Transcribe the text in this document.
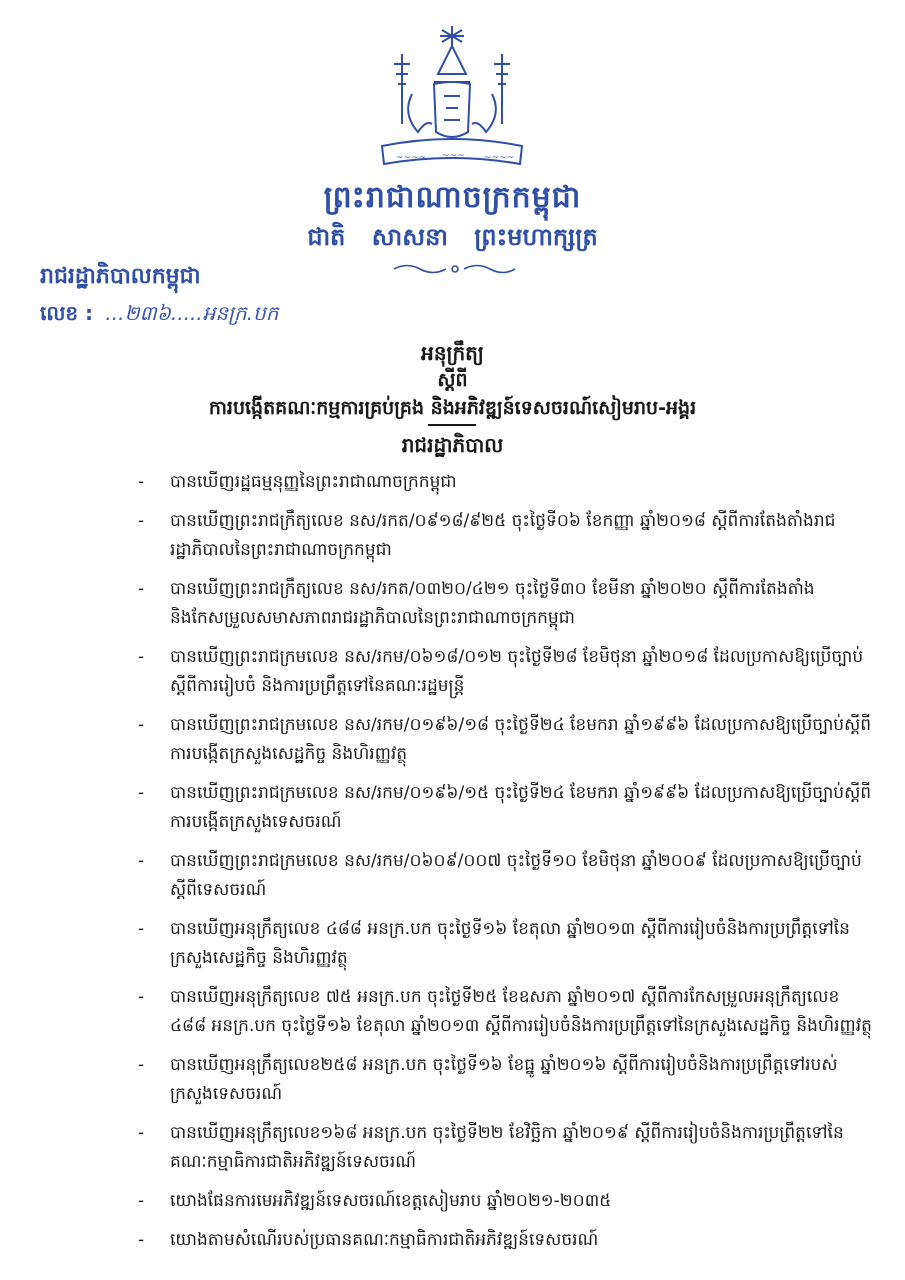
~~~~ ~~~ ~~~~
ព្រះរាជាណាចក្រកម្ពុជា
ជាតិ សាសនា ព្រះមហាក្សត្រ
រាជរដ្ឋាភិបាលកម្ពុជា
លេខ : ...២៣៦.....អនក្រ.បក
អនុក្រឹត្យ
ស្តីពី
ការបង្កើតគណៈកម្មការគ្រប់គ្រង និងអភិវឌ្ឍន៍ទេសចរណ៍សៀមរាប-អង្គរ
រាជរដ្ឋាភិបាល
- បានឃើញរដ្ឋធម្មនុញ្ញនៃព្រះរាជាណាចក្រកម្ពុជា
- បានឃើញព្រះរាជក្រឹត្យលេខ នស/រកត/០៩១៨/៩២៥ ចុះថ្ងៃទី០៦ ខែកញ្ញា ឆ្នាំ២០១៨ ស្តីពីការតែងតាំងរាជរដ្ឋាភិបាលនៃព្រះរាជាណាចក្រកម្ពុជា
- បានឃើញព្រះរាជក្រឹត្យលេខ នស/រកត/០៣២០/៤២១ ចុះថ្ងៃទី៣០ ខែមីនា ឆ្នាំ២០២០ ស្តីពីការតែងតាំង និងកែសម្រួលសមាសភាពរាជរដ្ឋាភិបាលនៃព្រះរាជាណាចក្រកម្ពុជា
- បានឃើញព្រះរាជក្រមលេខ នស/រកម/០៦១៨/០១២ ចុះថ្ងៃទី២៨ ខែមិថុនា ឆ្នាំ២០១៨ ដែលប្រកាសឱ្យប្រើច្បាប់ស្តីពីការរៀបចំ និងការប្រព្រឹត្តទៅនៃគណៈរដ្ឋមន្ត្រី
- បានឃើញព្រះរាជក្រមលេខ នស/រកម/០១៩៦/១៨ ចុះថ្ងៃទី២៤ ខែមករា ឆ្នាំ១៩៩៦ ដែលប្រកាសឱ្យប្រើច្បាប់ស្តីពីការបង្កើតក្រសួងសេដ្ឋកិច្ច និងហិរញ្ញវត្ថុ
- បានឃើញព្រះរាជក្រមលេខ នស/រកម/០១៩៦/១៥ ចុះថ្ងៃទី២៤ ខែមករា ឆ្នាំ១៩៩៦ ដែលប្រកាសឱ្យប្រើច្បាប់ស្តីពីការបង្កើតក្រសួងទេសចរណ៍
- បានឃើញព្រះរាជក្រមលេខ នស/រកម/០៦០៩/០០៧ ចុះថ្ងៃទី១០ ខែមិថុនា ឆ្នាំ២០០៩ ដែលប្រកាសឱ្យប្រើច្បាប់ស្តីពីទេសចរណ៍
- បានឃើញអនុក្រឹត្យលេខ ៤៨៨ អនក្រ.បក ចុះថ្ងៃទី១៦ ខែតុលា ឆ្នាំ២០១៣ ស្តីពីការរៀបចំនិងការប្រព្រឹត្តទៅនៃក្រសួងសេដ្ឋកិច្ច និងហិរញ្ញវត្ថុ
- បានឃើញអនុក្រឹត្យលេខ ៧៥ អនក្រ.បក ចុះថ្ងៃទី២៥ ខែឧសភា ឆ្នាំ២០១៧ ស្តីពីការកែសម្រួលអនុក្រឹត្យលេខ ៤៨៨ អនក្រ.បក ចុះថ្ងៃទី១៦ ខែតុលា ឆ្នាំ២០១៣ ស្តីពីការរៀបចំនិងការប្រព្រឹត្តទៅនៃក្រសួងសេដ្ឋកិច្ច និងហិរញ្ញវត្ថុ
- បានឃើញអនុក្រឹត្យលេខ២៥៨ អនក្រ.បក ចុះថ្ងៃទី១៦ ខែធ្នូ ឆ្នាំ២០១៦ ស្តីពីការរៀបចំនិងការប្រព្រឹត្តទៅរបស់ក្រសួងទេសចរណ៍
- បានឃើញអនុក្រឹត្យលេខ១៦៨ អនក្រ.បក ចុះថ្ងៃទី២២ ខែវិច្ឆិកា ឆ្នាំ២០១៩ ស្តីពីការរៀបចំនិងការប្រព្រឹត្តទៅនៃគណៈកម្មាធិការជាតិអភិវឌ្ឍន៍ទេសចរណ៍
- យោងផែនការមេអភិវឌ្ឍន៍ទេសចរណ៍ខេត្តសៀមរាប ឆ្នាំ២០២១-២០៣៥
- យោងតាមសំណើរបស់ប្រធានគណៈកម្មាធិការជាតិអភិវឌ្ឍន៍ទេសចរណ៍
